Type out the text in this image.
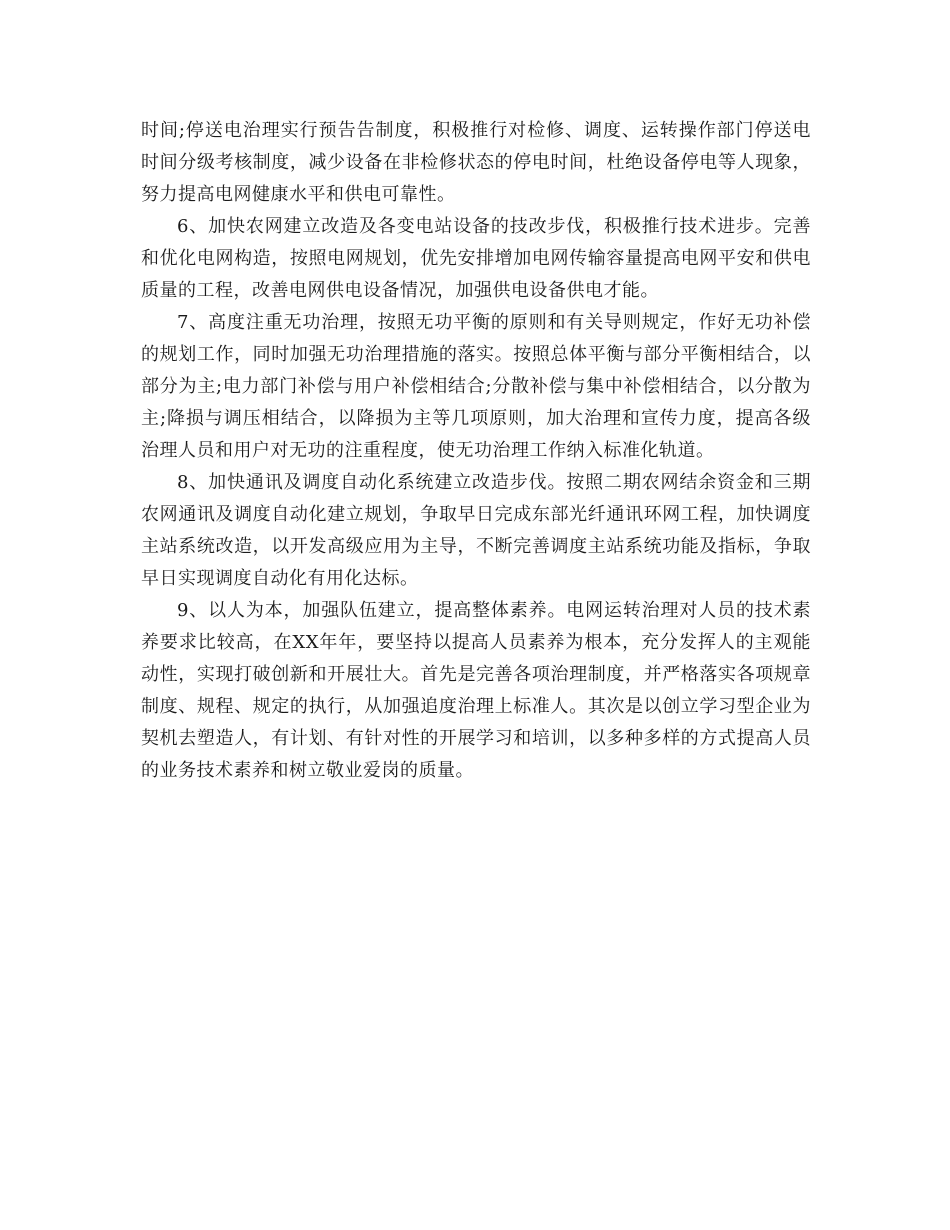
时间;停送电治理实行预告告制度，积极推行对检修、调度、运转操作部门停送电时间分级考核制度，减少设备在非检修状态的停电时间，杜绝设备停电等人现象，努力提高电网健康水平和供电可靠性。

6、加快农网建立改造及各变电站设备的技改步伐，积极推行技术进步。完善和优化电网构造，按照电网规划，优先安排增加电网传输容量提高电网平安和供电质量的工程，改善电网供电设备情况，加强供电设备供电才能。

7、高度注重无功治理，按照无功平衡的原则和有关导则规定，作好无功补偿的规划工作，同时加强无功治理措施的落实。按照总体平衡与部分平衡相结合，以部分为主;电力部门补偿与用户补偿相结合;分散补偿与集中补偿相结合，以分散为主;降损与调压相结合，以降损为主等几项原则，加大治理和宣传力度，提高各级治理人员和用户对无功的注重程度，使无功治理工作纳入标准化轨道。

8、加快通讯及调度自动化系统建立改造步伐。按照二期农网结余资金和三期农网通讯及调度自动化建立规划，争取早日完成东部光纤通讯环网工程，加快调度主站系统改造，以开发高级应用为主导，不断完善调度主站系统功能及指标，争取早日实现调度自动化有用化达标。

9、以人为本，加强队伍建立，提高整体素养。电网运转治理对人员的技术素养要求比较高，在XX年年，要坚持以提高人员素养为根本，充分发挥人的主观能动性，实现打破创新和开展壮大。首先是完善各项治理制度，并严格落实各项规章制度、规程、规定的执行，从加强追度治理上标准人。其次是以创立学习型企业为契机去塑造人，有计划、有针对性的开展学习和培训，以多种多样的方式提高人员的业务技术素养和树立敬业爱岗的质量。
